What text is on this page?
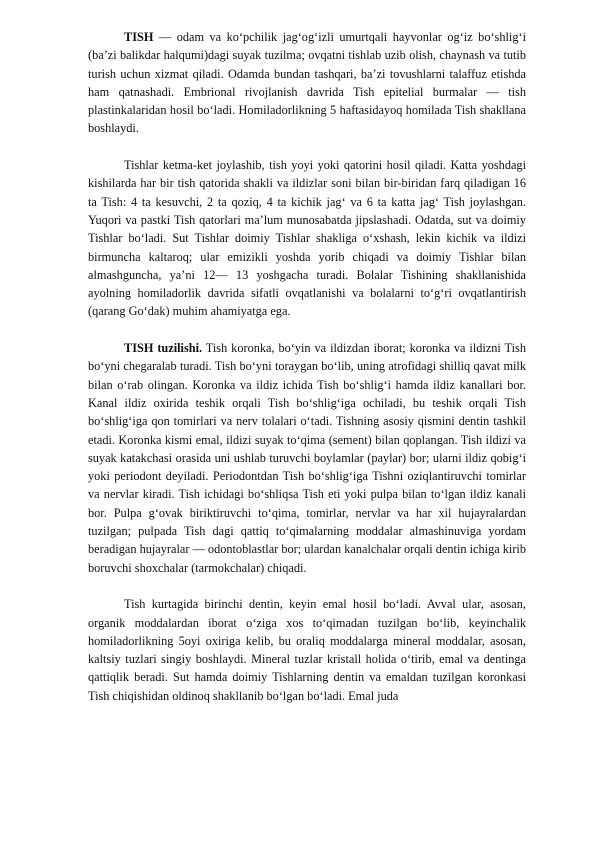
TISH — odam va ko‘pchilik jag‘og‘izli umurtqali hayvonlar og‘iz bo‘shlig‘i (ba’zi balikdar halqumi)dagi suyak tuzilma; ovqatni tishlab uzib olish, chaynash va tutib turish uchun xizmat qiladi. Odamda bundan tashqari, ba’zi tovushlarni talaffuz etishda ham qatnashadi. Embrional rivojlanish davrida Tish epitelial burmalar — tish plastinkalaridan hosil bo‘ladi. Homiladorlikning 5 haftasidayoq homilada Tish shakllana boshlaydi.

Tishlar ketma-ket joylashib, tish yoyi yoki qatorini hosil qiladi. Katta yoshdagi kishilarda har bir tish qatorida shakli va ildizlar soni bilan bir-biridan farq qiladigan 16 ta Tish: 4 ta kesuvchi, 2 ta qoziq, 4 ta kichik jag‘ va 6 ta katta jag‘ Tish joylashgan. Yuqori va pastki Tish qatorlari ma’lum munosabatda jipslashadi. Odatda, sut va doimiy Tishlar bo‘ladi. Sut Tishlar doimiy Tishlar shakliga o‘xshash, lekin kichik va ildizi birmuncha kaltaroq; ular emizikli yoshda yorib chiqadi va doimiy Tishlar bilan almashguncha, ya’ni 12— 13 yoshgacha turadi. Bolalar Tishining shakllanishida ayolning homiladorlik davrida sifatli ovqatlanishi va bolalarni to‘g‘ri ovqatlantirish (qarang Go‘dak) muhim ahamiyatga ega.

TISH tuzilishi. Tish koronka, bo‘yin va ildizdan iborat; koronka va ildizni Tish bo‘yni chegaralab turadi. Tish bo‘yni toraygan bo‘lib, uning atrofidagi shilliq qavat milk bilan o‘rab olingan. Koronka va ildiz ichida Tish bo‘shlig‘i hamda ildiz kanallari bor. Kanal ildiz oxirida teshik orqali Tish bo‘shlig‘iga ochiladi, bu teshik orqali Tish bo‘shlig‘iga qon tomirlari va nerv tolalari o‘tadi. Tishning asosiy qismini dentin tashkil etadi. Koronka kismi emal, ildizi suyak to‘qima (sement) bilan qoplangan. Tish ildizi va suyak katakchasi orasida uni ushlab turuvchi boylamlar (paylar) bor; ularni ildiz qobig‘i yoki periodont deyiladi. Periodontdan Tish bo‘shlig‘iga Tishni oziqlantiruvchi tomirlar va nervlar kiradi. Tish ichidagi bo‘shliqsa Tish eti yoki pulpa bilan to‘lgan ildiz kanali bor. Pulpa g‘ovak biriktiruvchi to‘qima, tomirlar, nervlar va har xil hujayralardan tuzilgan; pulpada Tish dagi qattiq to‘qimalarning moddalar almashinuviga yordam beradigan hujayralar — odontoblastlar bor; ulardan kanalchalar orqali dentin ichiga kirib boruvchi shoxchalar (tarmokchalar) chiqadi.

Tish kurtagida birinchi dentin, keyin emal hosil bo‘ladi. Avval ular, asosan, organik moddalardan iborat o‘ziga xos to‘qimadan tuzilgan bo‘lib, keyinchalik homiladorlikning 5oyi oxiriga kelib, bu oraliq moddalarga mineral moddalar, asosan, kaltsiy tuzlari singiy boshlaydi. Mineral tuzlar kristall holida o‘tirib, emal va dentinga qattiqlik beradi. Sut hamda doimiy Tishlarning dentin va emaldan tuzilgan koronkasi Tish chiqishidan oldinoq shakllanib bo‘lgan bo‘ladi. Emal juda
